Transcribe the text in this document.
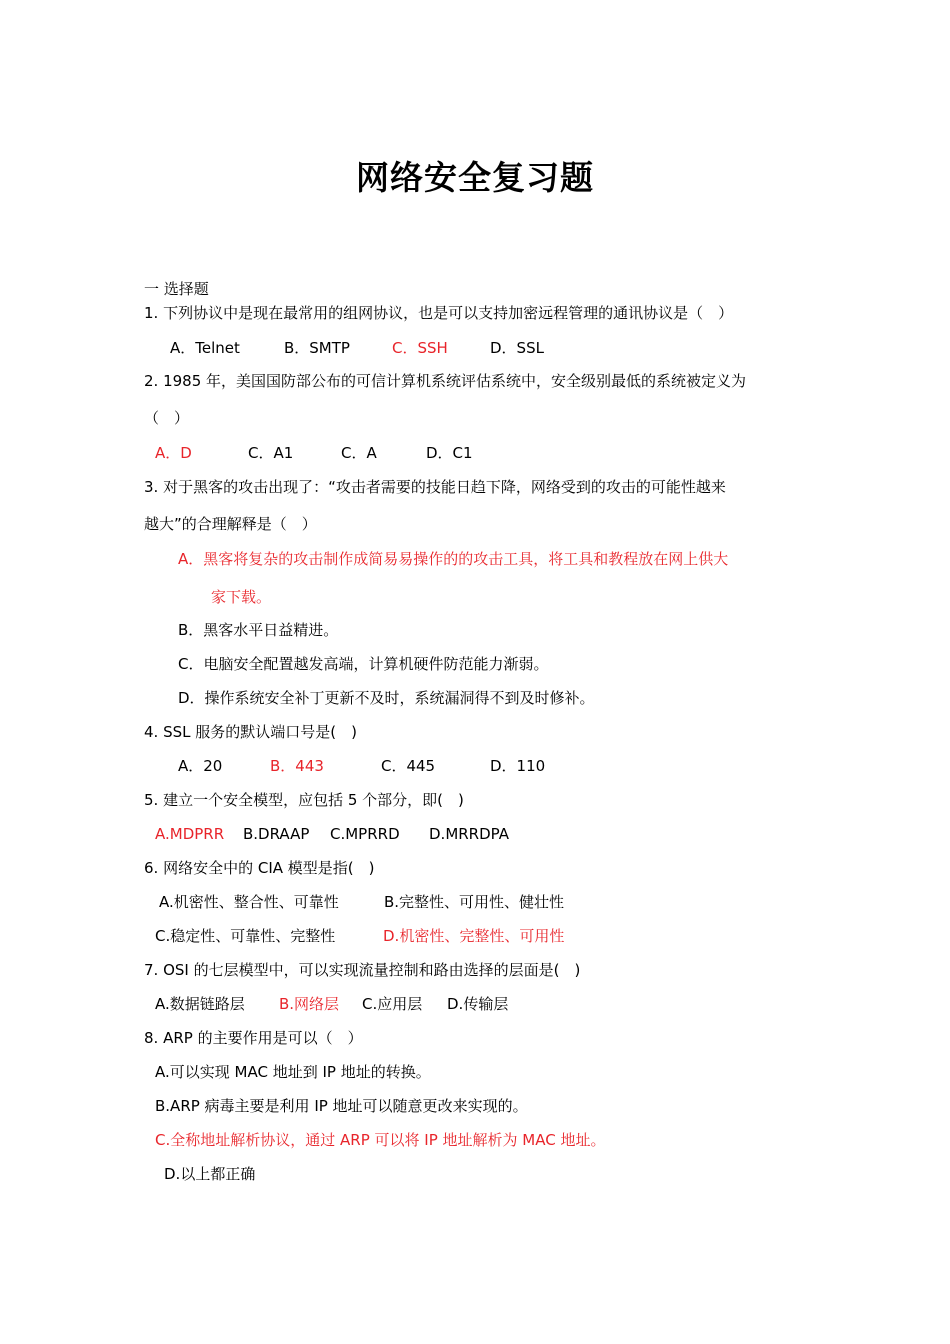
网络安全复习题
一 选择题
1. 下列协议中是现在最常用的组网协议，也是可以支持加密远程管理的通讯协议是（　）
A．Telnet	B．SMTP	C．SSH	D．SSL
2. 1985 年，美国国防部公布的可信计算机系统评估系统中，安全级别最低的系统被定义为
（　）
A．D	C．A1	C．A	D．C1
3. 对于黑客的攻击出现了：“攻击者需要的技能日趋下降，网络受到的攻击的可能性越来
越大”的合理解释是（　）
A．黑客将复杂的攻击制作成简易易操作的的攻击工具，将工具和教程放在网上供大
家下载。
B．黑客水平日益精进。
C．电脑安全配置越发高端，计算机硬件防范能力渐弱。
D．操作系统安全补丁更新不及时，系统漏洞得不到及时修补。
4. SSL 服务的默认端口号是(　)
A．20	B．443	C．445	D．110
5. 建立一个安全模型，应包括 5 个部分，即(　)
A.MDPRR B.DRAAP C.MPRRD D.MRRDPA
6. 网络安全中的 CIA 模型是指(　)
A.机密性、整合性、可靠性	B.完整性、可用性、健壮性
C.稳定性、可靠性、完整性	D.机密性、完整性、可用性
7. OSI 的七层模型中，可以实现流量控制和路由选择的层面是(　)
A.数据链路层 B.网络层 C.应用层 D.传输层
8. ARP 的主要作用是可以（　）
A.可以实现 MAC 地址到 IP 地址的转换。
B.ARP 病毒主要是利用 IP 地址可以随意更改来实现的。
C.全称地址解析协议，通过 ARP 可以将 IP 地址解析为 MAC 地址。
D.以上都正确
